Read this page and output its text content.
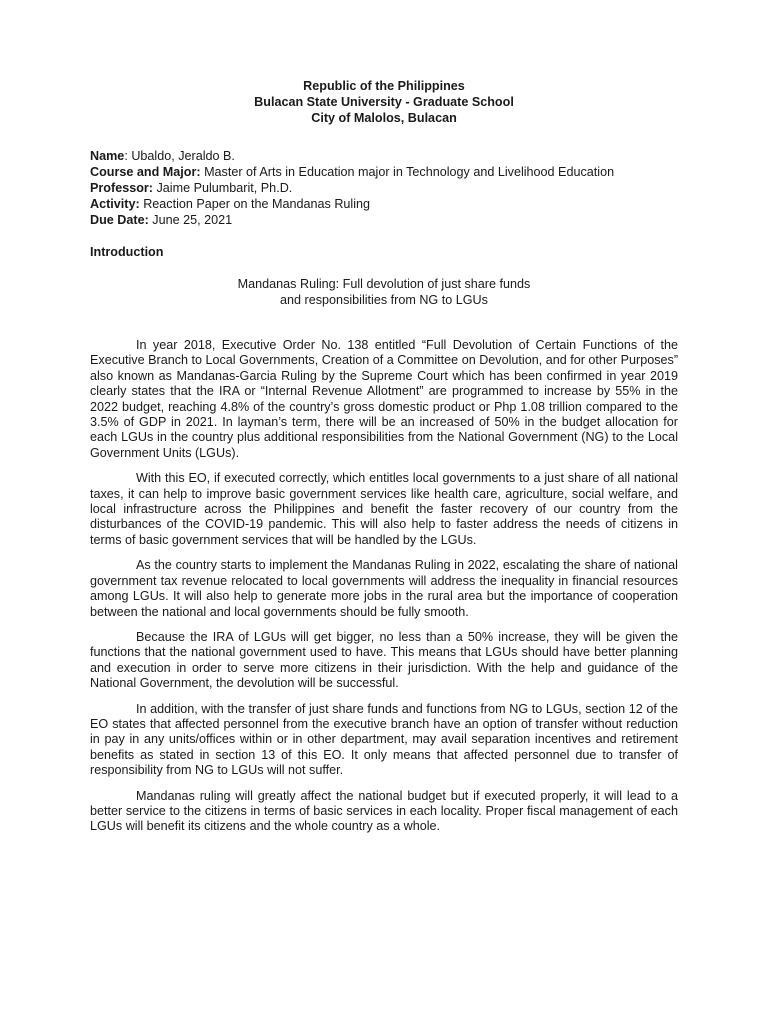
Republic of the Philippines
Bulacan State University - Graduate School
City of Malolos, Bulacan
Name: Ubaldo, Jeraldo B.
Course and Major: Master of Arts in Education major in Technology and Livelihood Education
Professor: Jaime Pulumbarit, Ph.D.
Activity: Reaction Paper on the Mandanas Ruling
Due Date: June 25, 2021
Introduction
Mandanas Ruling: Full devolution of just share funds
and responsibilities from NG to LGUs

In year 2018, Executive Order No. 138 entitled “Full Devolution of Certain Functions of the Executive Branch to Local Governments, Creation of a Committee on Devolution, and for other Purposes” also known as Mandanas-Garcia Ruling by the Supreme Court which has been confirmed in year 2019 clearly states that the IRA or “Internal Revenue Allotment” are programmed to increase by 55% in the 2022 budget, reaching 4.8% of the country’s gross domestic product or Php 1.08 trillion compared to the 3.5% of GDP in 2021. In layman’s term, there will be an increased of 50% in the budget allocation for each LGUs in the country plus additional responsibilities from the National Government (NG) to the Local Government Units (LGUs).

With this EO, if executed correctly, which entitles local governments to a just share of all national taxes, it can help to improve basic government services like health care, agriculture, social welfare, and local infrastructure across the Philippines and benefit the faster recovery of our country from the disturbances of the COVID-19 pandemic. This will also help to faster address the needs of citizens in terms of basic government services that will be handled by the LGUs.

As the country starts to implement the Mandanas Ruling in 2022, escalating the share of national government tax revenue relocated to local governments will address the inequality in financial resources among LGUs. It will also help to generate more jobs in the rural area but the importance of cooperation between the national and local governments should be fully smooth.

Because the IRA of LGUs will get bigger, no less than a 50% increase, they will be given the functions that the national government used to have. This means that LGUs should have better planning and execution in order to serve more citizens in their jurisdiction. With the help and guidance of the National Government, the devolution will be successful.

In addition, with the transfer of just share funds and functions from NG to LGUs, section 12 of the EO states that affected personnel from the executive branch have an option of transfer without reduction in pay in any units/offices within or in other department, may avail separation incentives and retirement benefits as stated in section 13 of this EO. It only means that affected personnel due to transfer of responsibility from NG to LGUs will not suffer.

Mandanas ruling will greatly affect the national budget but if executed properly, it will lead to a better service to the citizens in terms of basic services in each locality. Proper fiscal management of each LGUs will benefit its citizens and the whole country as a whole.
